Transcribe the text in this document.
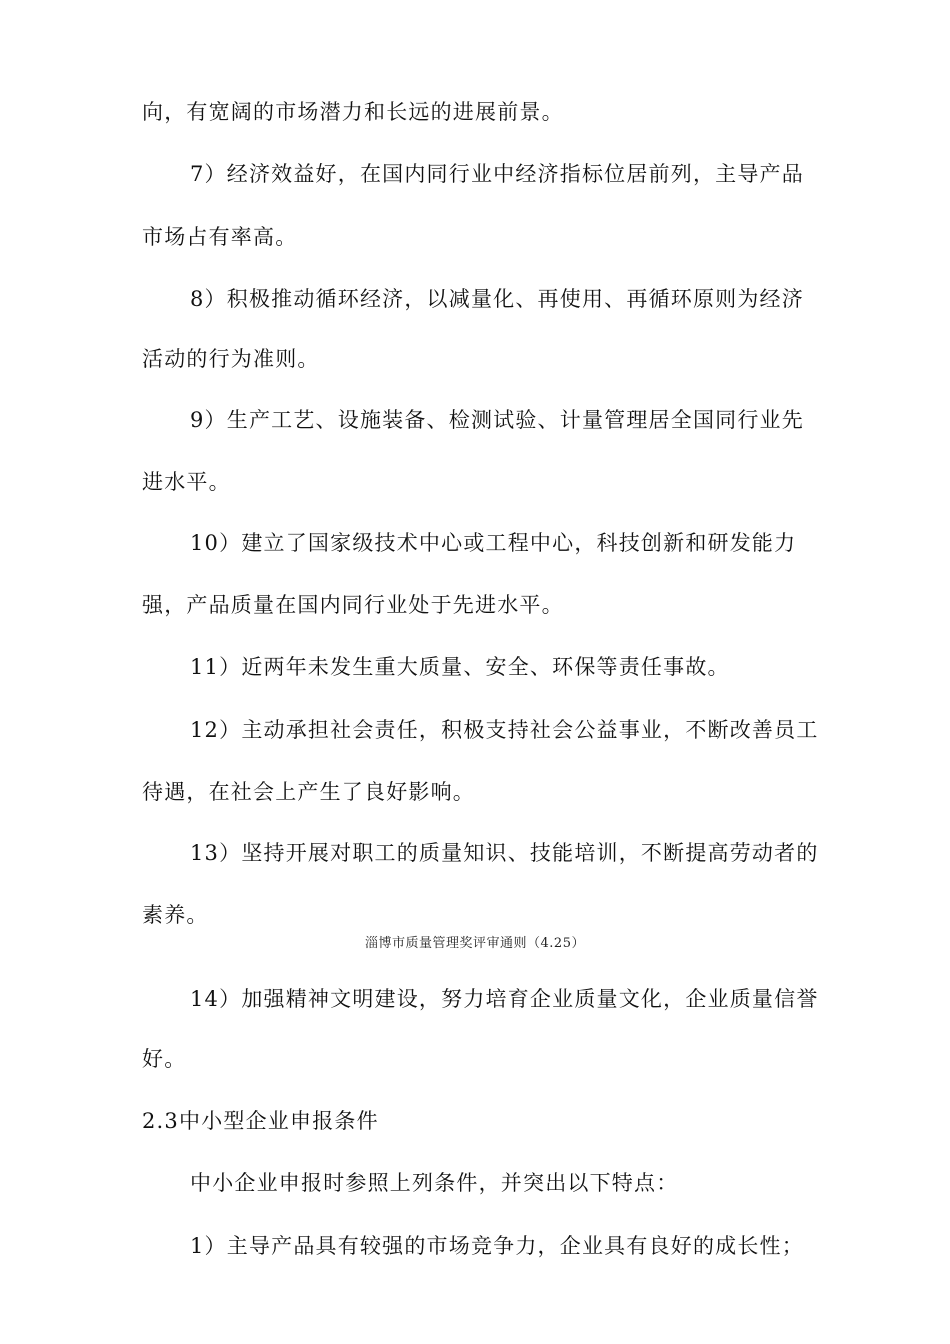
向，有宽阔的市场潜力和长远的进展前景。
7）经济效益好，在国内同行业中经济指标位居前列，主导产品
市场占有率高。
8）积极推动循环经济，以减量化、再使用、再循环原则为经济
活动的行为准则。
9）生产工艺、设施装备、检测试验、计量管理居全国同行业先
进水平。
10）建立了国家级技术中心或工程中心，科技创新和研发能力
强，产品质量在国内同行业处于先进水平。
11）近两年未发生重大质量、安全、环保等责任事故。
12）主动承担社会责任，积极支持社会公益事业，不断改善员工
待遇，在社会上产生了良好影响。
13）坚持开展对职工的质量知识、技能培训，不断提高劳动者的
素养。
淄博市质量管理奖评审通则（4.25）
14）加强精神文明建设，努力培育企业质量文化，企业质量信誉
好。
2.3中小型企业申报条件
中小企业申报时参照上列条件，并突出以下特点：
1）主导产品具有较强的市场竞争力，企业具有良好的成长性；
